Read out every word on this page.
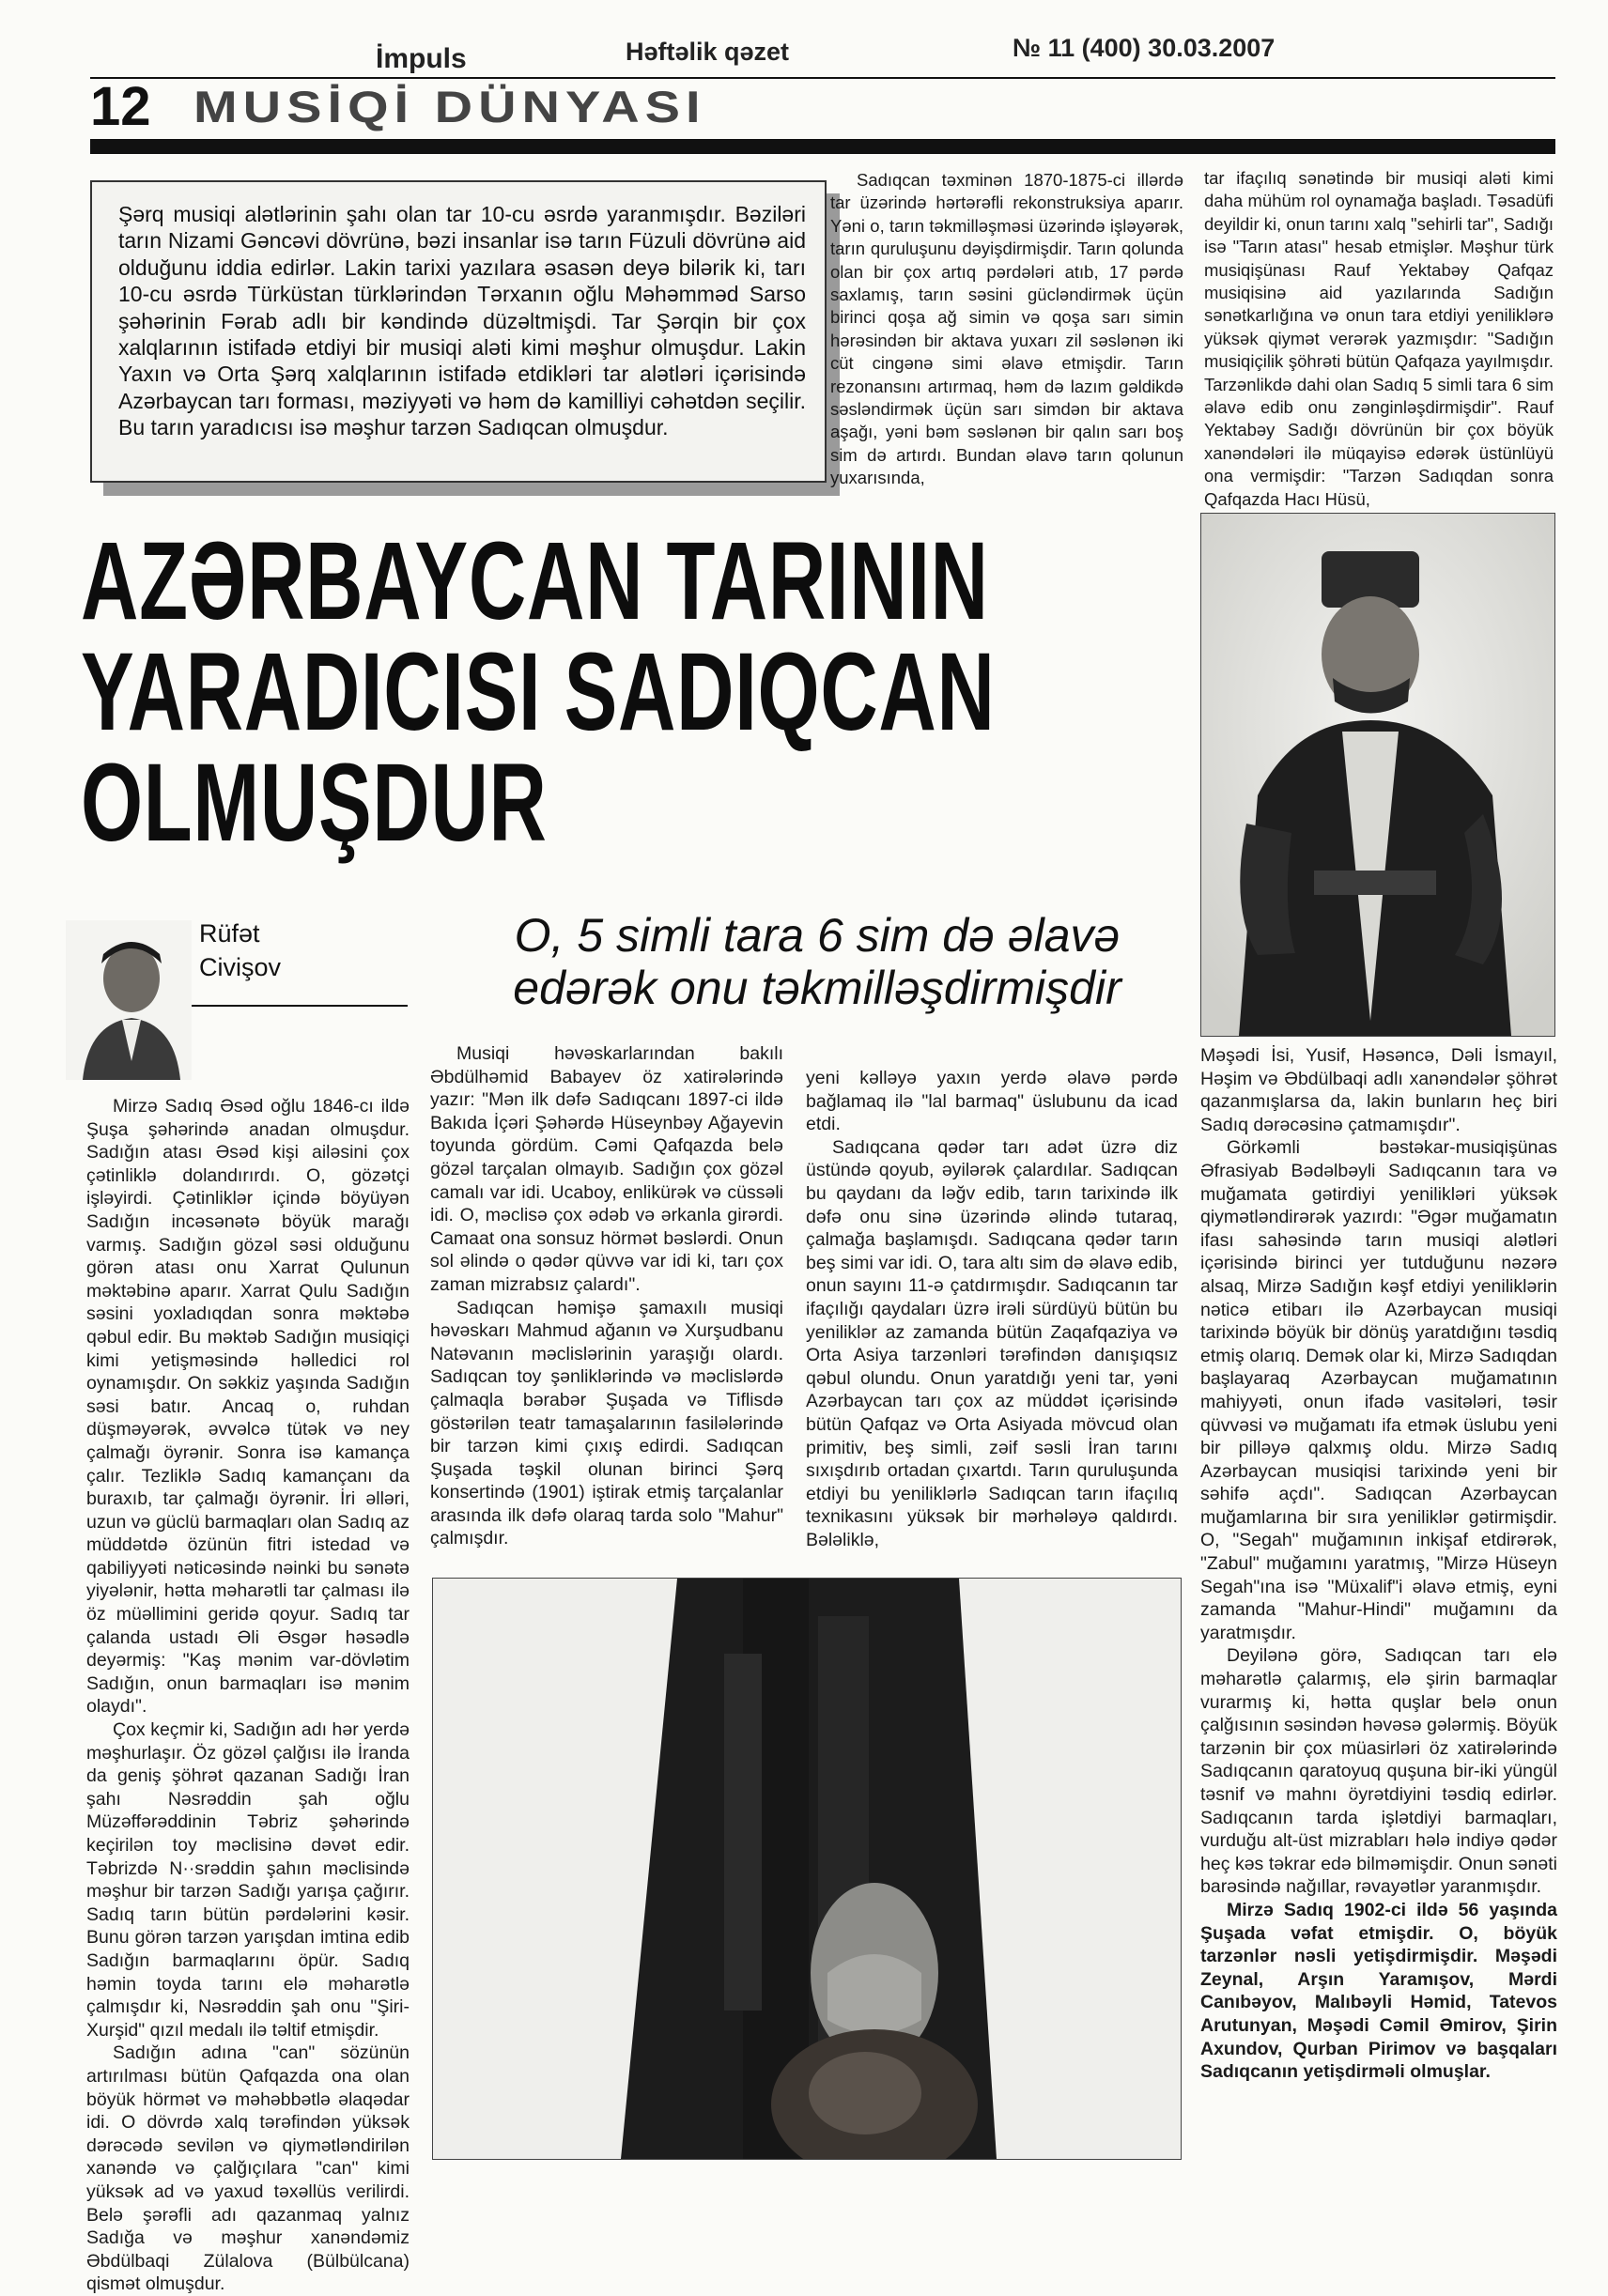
İmpuls	Həftəlik qəzet	№ 11 (400) 30.03.2007
12 MUSİQİ DÜNYASI
Şərq musiqi alətlərinin şahı olan tar 10-cu əsrdə yaranmışdır. Bəziləri tarın Nizami Gəncəvi dövrünə, bəzi insanlar isə tarın Füzuli dövrünə aid olduğunu iddia edirlər. Lakin tarixi yazılara əsasən deyə bilərik ki, tarı 10-cu əsrdə Türküstan türklərindən Tərxanın oğlu Məhəmməd Sarso şəhərinin Fərab adlı bir kəndində düzəltmişdi. Tar Şərqin bir çox xalqlarının istifadə etdiyi bir musiqi aləti kimi məşhur olmuşdur. Lakin Yaxın və Orta Şərq xalqlarının istifadə etdikləri tar alətləri içərisində Azərbaycan tarı forması, məziyyəti və həm də kamilliyi cəhətdən seçilir. Bu tarın yaradıcısı isə məşhur tarzən Sadıqcan olmuşdur.

Sadıqcan təxminən 1870-1875-ci illərdə tar üzərində hərtərəfli rekonstruksiya aparır. Yəni o, tarın təkmilləşməsi üzərində işləyərək, tarın quruluşunu dəyişdirmişdir. Tarın qolunda olan bir çox artıq pərdələri atıb, 17 pərdə saxlamış, tarın səsini gücləndirmək üçün birinci qoşa ağ simin və qoşa sarı simin hərəsindən bir aktava yuxarı zil səslənən iki cüt cingənə simi əlavə etmişdir. Tarın rezonansını artırmaq, həm də lazım gəldikdə səsləndirmək üçün sarı simdən bir aktava aşağı, yəni bəm səslənən bir qalın sarı boş sim də artırdı. Bundan əlavə tarın qolunun yuxarısında,

tar ifaçılıq sənətində bir musiqi aləti kimi daha mühüm rol oynamağa başladı. Təsadüfi deyildir ki, onun tarını xalq "sehirli tar", Sadığı isə "Tarın atası" hesab etmişlər. Məşhur türk musiqişünası Rauf Yektabəy Qafqaz musiqisinə aid yazılarında Sadığın sənətkarlığına və onun tara etdiyi yeniliklərə yüksək qiymət verərək yazmışdır: "Sadığın musiqiçilik şöhrəti bütün Qafqaza yayılmışdır. Tarzənlikdə dahi olan Sadıq 5 simli tara 6 sim əlavə edib onu zənginləşdirmişdir". Rauf Yektabəy Sadığı dövrünün bir çox böyük xanəndələri ilə müqayisə edərək üstünlüyü ona vermişdir: "Tarzən Sadıqdan sonra Qafqazda Hacı Hüsü,

AZƏRBAYCAN TARININ
YARADICISI SADIQCAN
OLMUŞDUR
Rüfət
Civişov
O, 5 simli tara 6 sim də əlavə edərək onu təkmilləşdirmişdir

Mirzə Sadıq Əsəd oğlu 1846-cı ildə Şuşa şəhərində anadan olmuşdur. Sadığın atası Əsəd kişi ailəsini çox çətinliklə dolandırırdı. O, gözətçi işləyirdi. Çətinliklər içində böyüyən Sadığın incəsənətə böyük marağı varmış. Sadığın gözəl səsi olduğunu görən atası onu Xarrat Qulunun məktəbinə aparır. Xarrat Qulu Sadığın səsini yoxladıqdan sonra məktəbə qəbul edir. Bu məktəb Sadığın musiqiçi kimi yetişməsində həlledici rol oynamışdır. On səkkiz yaşında Sadığın səsi batır. Ancaq o, ruhdan düşməyərək, əvvəlcə tütək və ney çalmağı öyrənir. Sonra isə kamança çalır. Tezliklə Sadıq kamançanı da buraxıb, tar çalmağı öyrənir. İri əlləri, uzun və güclü barmaqları olan Sadıq az müddətdə özünün fitri istedad və qabiliyyəti nəticəsində nəinki bu sənətə yiyələnir, hətta məharətli tar çalması ilə öz müəllimini geridə qoyur. Sadıq tar çalanda ustadı Əli Əsgər həsədlə deyərmiş: "Kaş mənim var-dövlətim Sadığın, onun barmaqları isə mənim olaydı".

Çox keçmir ki, Sadığın adı hər yerdə məşhurlaşır. Öz gözəl çalğısı ilə İranda da geniş şöhrət qazanan Sadığı İran şahı Nəsrəddin şah oğlu Müzəffərəddinin Təbriz şəhərində keçirilən toy məclisinə dəvət edir. Təbrizdə N··srəddin şahın məclisində məşhur bir tarzən Sadığı yarışa çağırır. Sadıq tarın bütün pərdələrini kəsir. Bunu görən tarzən yarışdan imtina edib Sadığın barmaqlarını öpür. Sadıq həmin toyda tarını elə məharətlə çalmışdır ki, Nəsrəddin şah onu "Şiri-Xurşid" qızıl medalı ilə təltif etmişdir.

Sadığın adına "can" sözünün artırılması bütün Qafqazda ona olan böyük hörmət və məhəbbətlə əlaqədar idi. O dövrdə xalq tərəfindən yüksək dərəcədə sevilən və qiymətləndirilən xanəndə və çalğıçılara "can" kimi yüksək ad və yaxud təxəllüs verilirdi. Belə şərəfli adı qazanmaq yalnız Sadığa və məşhur xanəndəmiz Əbdülbaqi Zülalova (Bülbülcana) qismət olmuşdur.

Musiqi həvəskarlarından bakılı Əbdülhəmid Babayev öz xatirələrində yazır: "Mən ilk dəfə Sadıqcanı 1897-ci ildə Bakıda İçəri Şəhərdə Hüseynbəy Ağayevin toyunda gördüm. Cəmi Qafqazda belə gözəl tarçalan olmayıb. Sadığın çox gözəl camalı var idi. Ucaboy, enlikürək və cüssəli idi. O, məclisə çox ədəb və ərkanla girərdi. Camaat ona sonsuz hörmət bəslərdi. Onun sol əlində o qədər qüvvə var idi ki, tarı çox zaman mizrabsız çalardı".

Sadıqcan həmişə şamaxılı musiqi həvəskarı Mahmud ağanın və Xurşudbanu Natəvanın məclislərinin yaraşığı olardı. Sadıqcan toy şənliklərində və məclislərdə çalmaqla bərabər Şuşada və Tiflisdə göstərilən teatr tamaşalarının fasilələrində bir tarzən kimi çıxış edirdi. Sadıqcan Şuşada təşkil olunan birinci Şərq konsertində (1901) iştirak etmiş tarçalanlar arasında ilk dəfə olaraq tarda solo "Mahur" çalmışdır.

yeni kəlləyə yaxın yerdə əlavə pərdə bağlamaq ilə "lal barmaq" üslubunu da icad etdi.

Sadıqcana qədər tarı adət üzrə diz üstündə qoyub, əyilərək çalardılar. Sadıqcan bu qaydanı da ləğv edib, tarın tarixində ilk dəfə onu sinə üzərində əlində tutaraq, çalmağa başlamışdı. Sadıqcana qədər tarın beş simi var idi. O, tara altı sim də əlavə edib, onun sayını 11-ə çatdırmışdır. Sadıqcanın tar ifaçılığı qaydaları üzrə irəli sürdüyü bütün bu yeniliklər az zamanda bütün Zaqafqaziya və Orta Asiya tarzənləri tərəfindən danışıqsız qəbul olundu. Onun yaratdığı yeni tar, yəni Azərbaycan tarı çox az müddət içərisində bütün Qafqaz və Orta Asiyada mövcud olan primitiv, beş simli, zəif səsli İran tarını sıxışdırıb ortadan çıxartdı. Tarın quruluşunda etdiyi bu yeniliklərlə Sadıqcan tarın ifaçılıq texnikasını yüksək bir mərhələyə qaldırdı. Bələliklə,

Məşədi İsi, Yusif, Həsəncə, Dəli İsmayıl, Həşim və Əbdülbaqi adlı xanəndələr şöhrət qazanmışlarsa da, lakin bunların heç biri Sadıq dərəcəsinə çatmamışdır".

Görkəmli bəstəkar-musiqişünas Əfrasiyab Bədəlbəyli Sadıqcanın tara və muğamata gətirdiyi yenilikləri yüksək qiymətləndirərək yazırdı: "Əgər muğamatın ifası sahəsində tarın musiqi alətləri içərisində birinci yer tutduğunu nəzərə alsaq, Mirzə Sadığın kəşf etdiyi yeniliklərin nəticə etibarı ilə Azərbaycan musiqi tarixində böyük bir dönüş yaratdığını təsdiq etmiş olarıq. Demək olar ki, Mirzə Sadıqdan başlayaraq Azərbaycan muğamatının mahiyyəti, onun ifadə vasitələri, təsir qüvvəsi və muğamatı ifa etmək üslubu yeni bir pilləyə qalxmış oldu. Mirzə Sadıq Azərbaycan musiqisi tarixində yeni bir səhifə açdı". Sadıqcan Azərbaycan muğamlarına bir sıra yeniliklər gətirmişdir. O, "Segah" muğamının inkişaf etdirərək, "Zabul" muğamını yaratmış, "Mirzə Hüseyn Segah"ına isə "Müxalif"i əlavə etmiş, eyni zamanda "Mahur-Hindi" muğamını da yaratmışdır.

Deyilənə görə, Sadıqcan tarı elə məharətlə çalarmış, elə şirin barmaqlar vurarmış ki, hətta quşlar belə onun çalğısının səsindən həvəsə gələrmiş. Böyük tarzənin bir çox müasirləri öz xatirələrində Sadıqcanın qaratoyuq quşuna bir-iki yüngül təsnif və mahnı öyrətdiyini təsdiq edirlər. Sadıqcanın tarda işlətdiyi barmaqları, vurduğu alt-üst mizrabları hələ indiyə qədər heç kəs təkrar edə bilməmişdir. Onun sənəti barəsində nağıllar, rəvayətlər yaranmışdır.

Mirzə Sadıq 1902-ci ildə 56 yaşında Şuşada vəfat etmişdir. O, böyük tarzənlər nəsli yetişdirmişdir. Məşədi Zeynal, Arşın Yaramışov, Mərdi Canıbəyov, Malıbəyli Həmid, Tatevos Arutunyan, Məşədi Cəmil Əmirov, Şirin Axundov, Qurban Pirimov və başqaları Sadıqcanın yetişdirməli olmuşlar.
